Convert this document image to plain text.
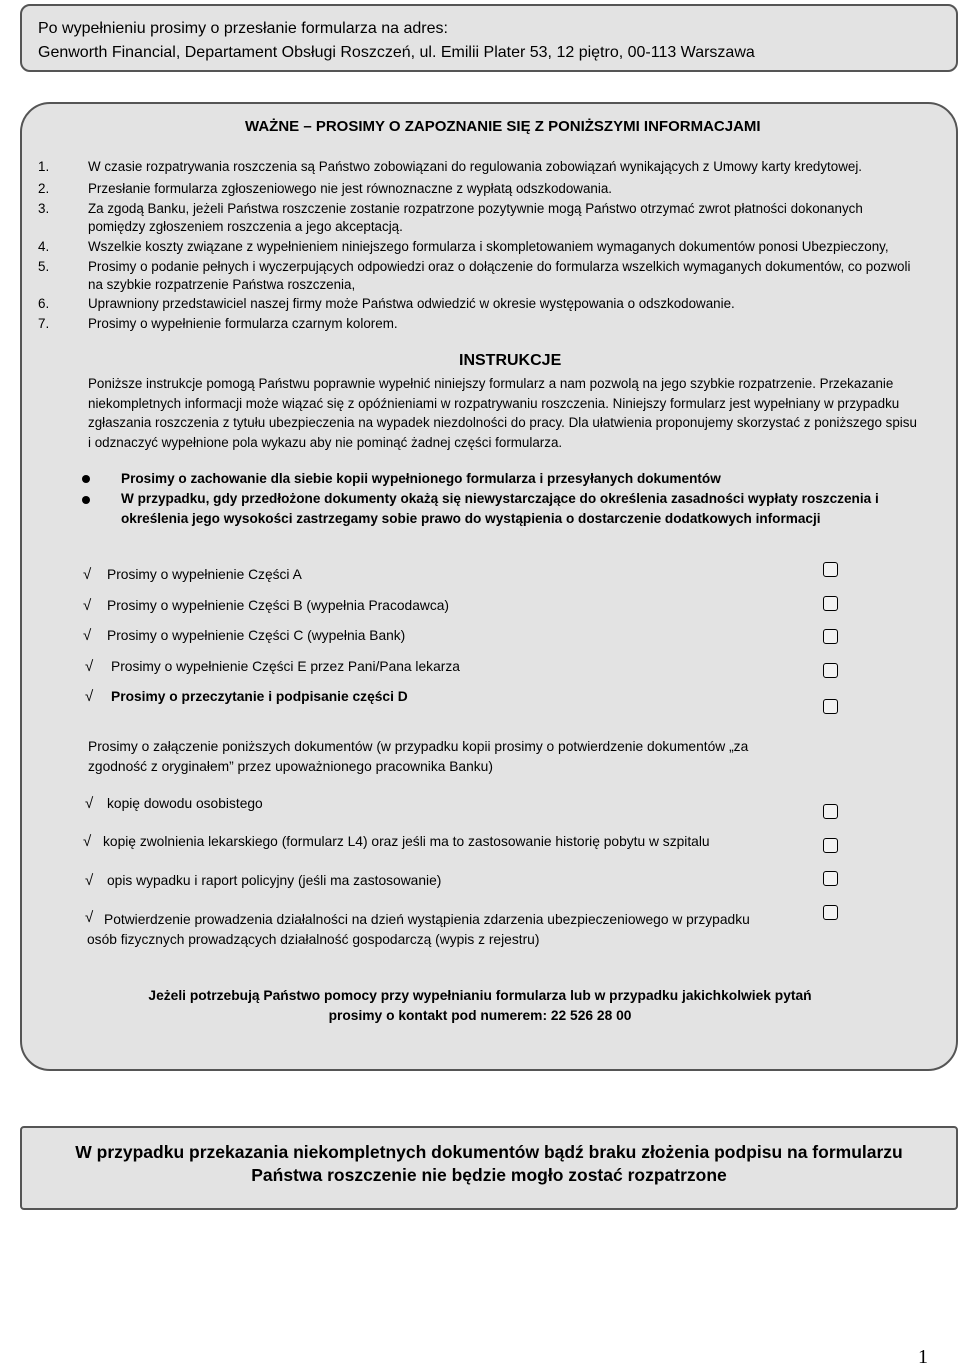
Po wypełnieniu prosimy o przesłanie formularza na adres:
Genworth Financial, Departament Obsługi Roszczeń, ul. Emilii Plater 53, 12 piętro, 00-113 Warszawa
WAŻNE – PROSIMY O ZAPOZNANIE SIĘ Z PONIŻSZYMI INFORMACJAMI
1.	W czasie rozpatrywania roszczenia są Państwo zobowiązani do regulowania zobowiązań wynikających z Umowy karty kredytowej.
2.	Przesłanie formularza zgłoszeniowego nie jest równoznaczne z wypłatą odszkodowania.
3.	Za zgodą Banku, jeżeli Państwa roszczenie zostanie rozpatrzone pozytywnie mogą Państwo otrzymać zwrot płatności dokonanych pomiędzy zgłoszeniem roszczenia a jego akceptacją.
4.	Wszelkie koszty związane z wypełnieniem niniejszego formularza i skompletowaniem wymaganych dokumentów ponosi Ubezpieczony,
5.	Prosimy o podanie pełnych i wyczerpujących odpowiedzi oraz o dołączenie do formularza wszelkich wymaganych dokumentów, co pozwoli na szybkie rozpatrzenie Państwa roszczenia,
6.	Uprawniony przedstawiciel naszej firmy może Państwa odwiedzić w okresie występowania o odszkodowanie.
7.	Prosimy o wypełnienie formularza czarnym kolorem.
INSTRUKCJE
Poniższe instrukcje pomogą Państwu poprawnie wypełnić niniejszy formularz a nam pozwolą na jego szybkie rozpatrzenie. Przekazanie niekompletnych informacji może wiązać się z opóźnieniami w rozpatrywaniu roszczenia. Niniejszy formularz jest wypełniany w przypadku zgłaszania roszczenia z tytułu ubezpieczenia na wypadek niezdolności do pracy. Dla ułatwienia proponujemy skorzystać z poniższego spisu i odznaczyć wypełnione pola wykazu aby nie pominąć żadnej części formularza.
Prosimy o zachowanie dla siebie kopii wypełnionego formularza i przesyłanych dokumentów
W przypadku, gdy przedłożone dokumenty okażą się niewystarczające do określenia zasadności wypłaty roszczenia i określenia jego wysokości zastrzegamy sobie prawo do wystąpienia o dostarczenie dodatkowych informacji
√ Prosimy o wypełnienie Części A
√ Prosimy o wypełnienie Części B (wypełnia Pracodawca)
√ Prosimy o wypełnienie Części C (wypełnia Bank)
√ Prosimy o wypełnienie Części E przez Pani/Pana lekarza
√ Prosimy o przeczytanie i podpisanie części D
Prosimy o załączenie poniższych dokumentów (w przypadku kopii prosimy o potwierdzenie dokumentów „za zgodność z oryginałem” przez upoważnionego pracownika Banku)
√ kopię dowodu osobistego
√ kopię zwolnienia lekarskiego (formularz L4) oraz jeśli ma to zastosowanie historię pobytu w szpitalu
√ opis wypadku i raport policyjny (jeśli ma zastosowanie)
√ Potwierdzenie prowadzenia działalności na dzień wystąpienia zdarzenia ubezpieczeniowego w przypadku osób fizycznych prowadzących działalność gospodarczą (wypis z rejestru)
Jeżeli potrzebują Państwo pomocy przy wypełnianiu formularza lub w przypadku jakichkolwiek pytań
prosimy o kontakt pod numerem: 22 526 28 00
W przypadku przekazania niekompletnych dokumentów bądź braku złożenia podpisu na formularzu
Państwa roszczenie nie będzie mogło zostać rozpatrzone
1
